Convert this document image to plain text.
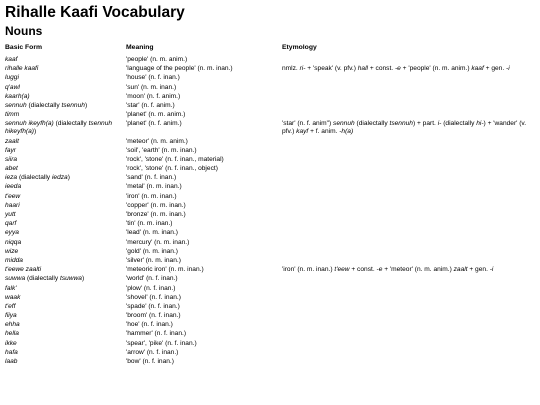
Rihalle Kaafi Vocabulary
Nouns
Basic Form	Meaning	Etymology
kaaf	'people' (n. m. anim.)	
rihalle kaafi	'language of the people' (n. m. inan.)	nmlz. ri- + 'speak' (v. pfv.) hall + const. -e + 'people' (n. m. anim.) kaaf + gen. -i
luggi	'house' (n. f. inan.)	
q'awl	'sun' (n. m. inan.)	
kaarh(a)	'moon' (n. f. anim.)	
sennuh (dialectally tsennuh)	'star' (n. f. anim.)	
timm	'planet' (n. m. anim.)	
sennuh ikeyfh(a) (dialectally tsennuh hikeyfh(a))	'planet' (n. f. anim.)	'star' (n. f. anim") sennuh (dialectally tsennuh) + part. i- (dialectally hi-) + 'wander' (v. pfv.) kayf + f. anim. -h(a)
zaalt	'meteor' (n. m. anim.)	
fayr	'soil', 'earth' (n. m. inan.)	
siira	'rock', 'stone' (n. f. inan., material)	
abet	'rock', 'stone' (n. f. inan., object)	
ieza (dialectally iedza)	'sand' (n. f. inan.)	
ieeda	'metal' (n. m. inan.)	
t'eew	'iron' (n. m. inan.)	
haari	'copper' (n. m. inan.)	
yutt	'bronze' (n. m. inan.)	
qarf	'tin' (n. m. inan.)	
eyya	'lead' (n. m. inan.)	
niqqa	'mercury' (n. m. inan.)	
wize	'gold' (n. m. inan.)	
midda	'silver' (n. m. inan.)	
t'eewe zaalti	'meteoric iron' (n. m. inan.)	'iron' (n. m. inan.) t'eew + const. -e + 'meteor' (n. m. anim.) zaalt + gen. -i
suwwa (dialectally tsuwwa)	'world' (n. f. inan.)	
falk'	'plow' (n. f. inan.)	
waak	'shovel' (n. f. inan.)	
t'eff	'spade' (n. f. inan.)	
fiiya	'broom' (n. f. inan.)	
ehha	'hoe' (n. f. inan.)	
hella	'hammer' (n. f. inan.)	
ikke	'spear', 'pike' (n. f. inan.)	
hafa	'arrow' (n. f. inan.)	
laab	'bow' (n. f. inan.)	
